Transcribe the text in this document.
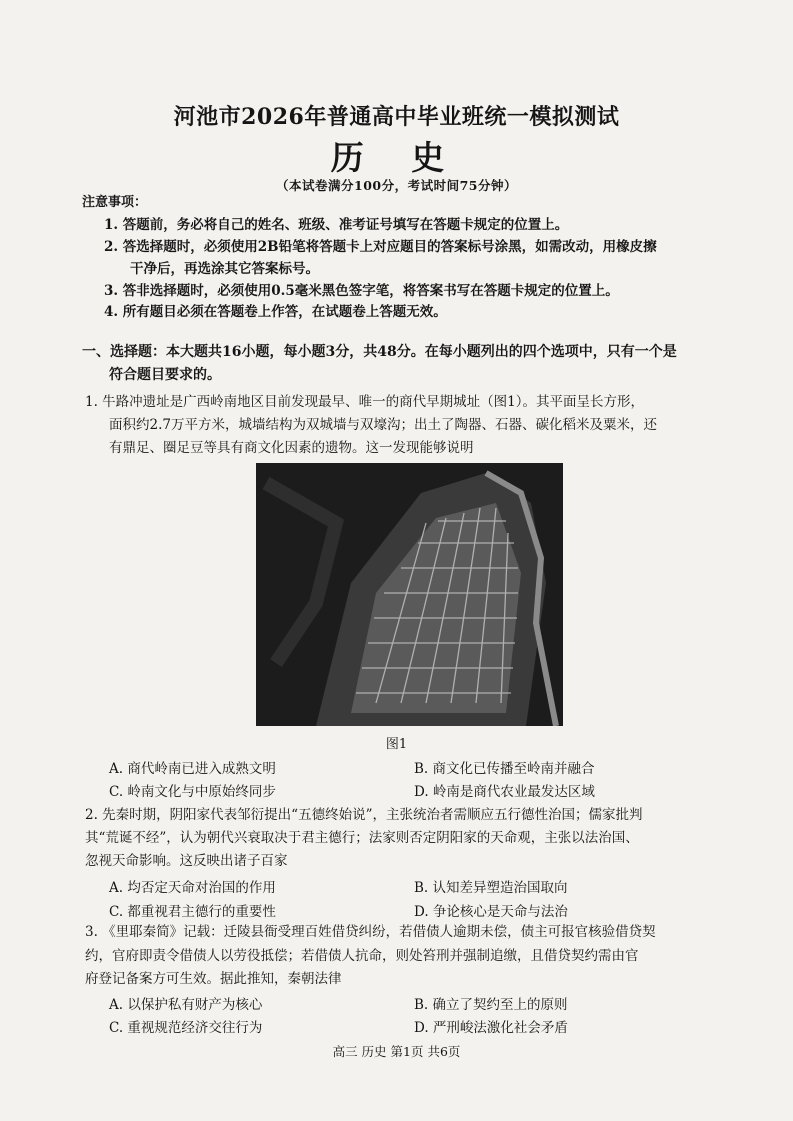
河池市2026年普通高中毕业班统一模拟测试
历 史
（本试卷满分100分，考试时间75分钟）
注意事项：
1. 答题前，务必将自己的姓名、班级、准考证号填写在答题卡规定的位置上。
2. 答选择题时，必须使用2B铅笔将答题卡上对应题目的答案标号涂黑，如需改动，用橡皮擦
干净后，再选涂其它答案标号。
3. 答非选择题时，必须使用0.5毫米黑色签字笔，将答案书写在答题卡规定的位置上。
4. 所有题目必须在答题卷上作答，在试题卷上答题无效。
一、选择题：本大题共16小题，每小题3分，共48分。在每小题列出的四个选项中，只有一个是
符合题目要求的。
1. 牛路冲遗址是广西岭南地区目前发现最早、唯一的商代早期城址（图1）。其平面呈长方形，
面积约2.7万平方米，城墙结构为双城墙与双壕沟；出土了陶器、石器、碳化稻米及粟米，还
有鼎足、圈足豆等具有商文化因素的遗物。这一发现能够说明
图1
A. 商代岭南已进入成熟文明	B. 商文化已传播至岭南并融合
C. 岭南文化与中原始终同步	D. 岭南是商代农业最发达区域
2. 先秦时期，阴阳家代表邹衍提出“五德终始说”，主张统治者需顺应五行德性治国；儒家批判
其“荒诞不经”，认为朝代兴衰取决于君主德行；法家则否定阴阳家的天命观，主张以法治国、
忽视天命影响。这反映出诸子百家
A. 均否定天命对治国的作用	B. 认知差异塑造治国取向
C. 都重视君主德行的重要性	D. 争论核心是天命与法治
3. 《里耶秦简》记载：迁陵县衙受理百姓借贷纠纷，若借债人逾期未偿，债主可报官核验借贷契
约，官府即责令借债人以劳役抵偿；若借债人抗命，则处笞刑并强制追缴，且借贷契约需由官
府登记备案方可生效。据此推知，秦朝法律
A. 以保护私有财产为核心	B. 确立了契约至上的原则
C. 重视规范经济交往行为	D. 严刑峻法激化社会矛盾
高三 历史 第1页 共6页
